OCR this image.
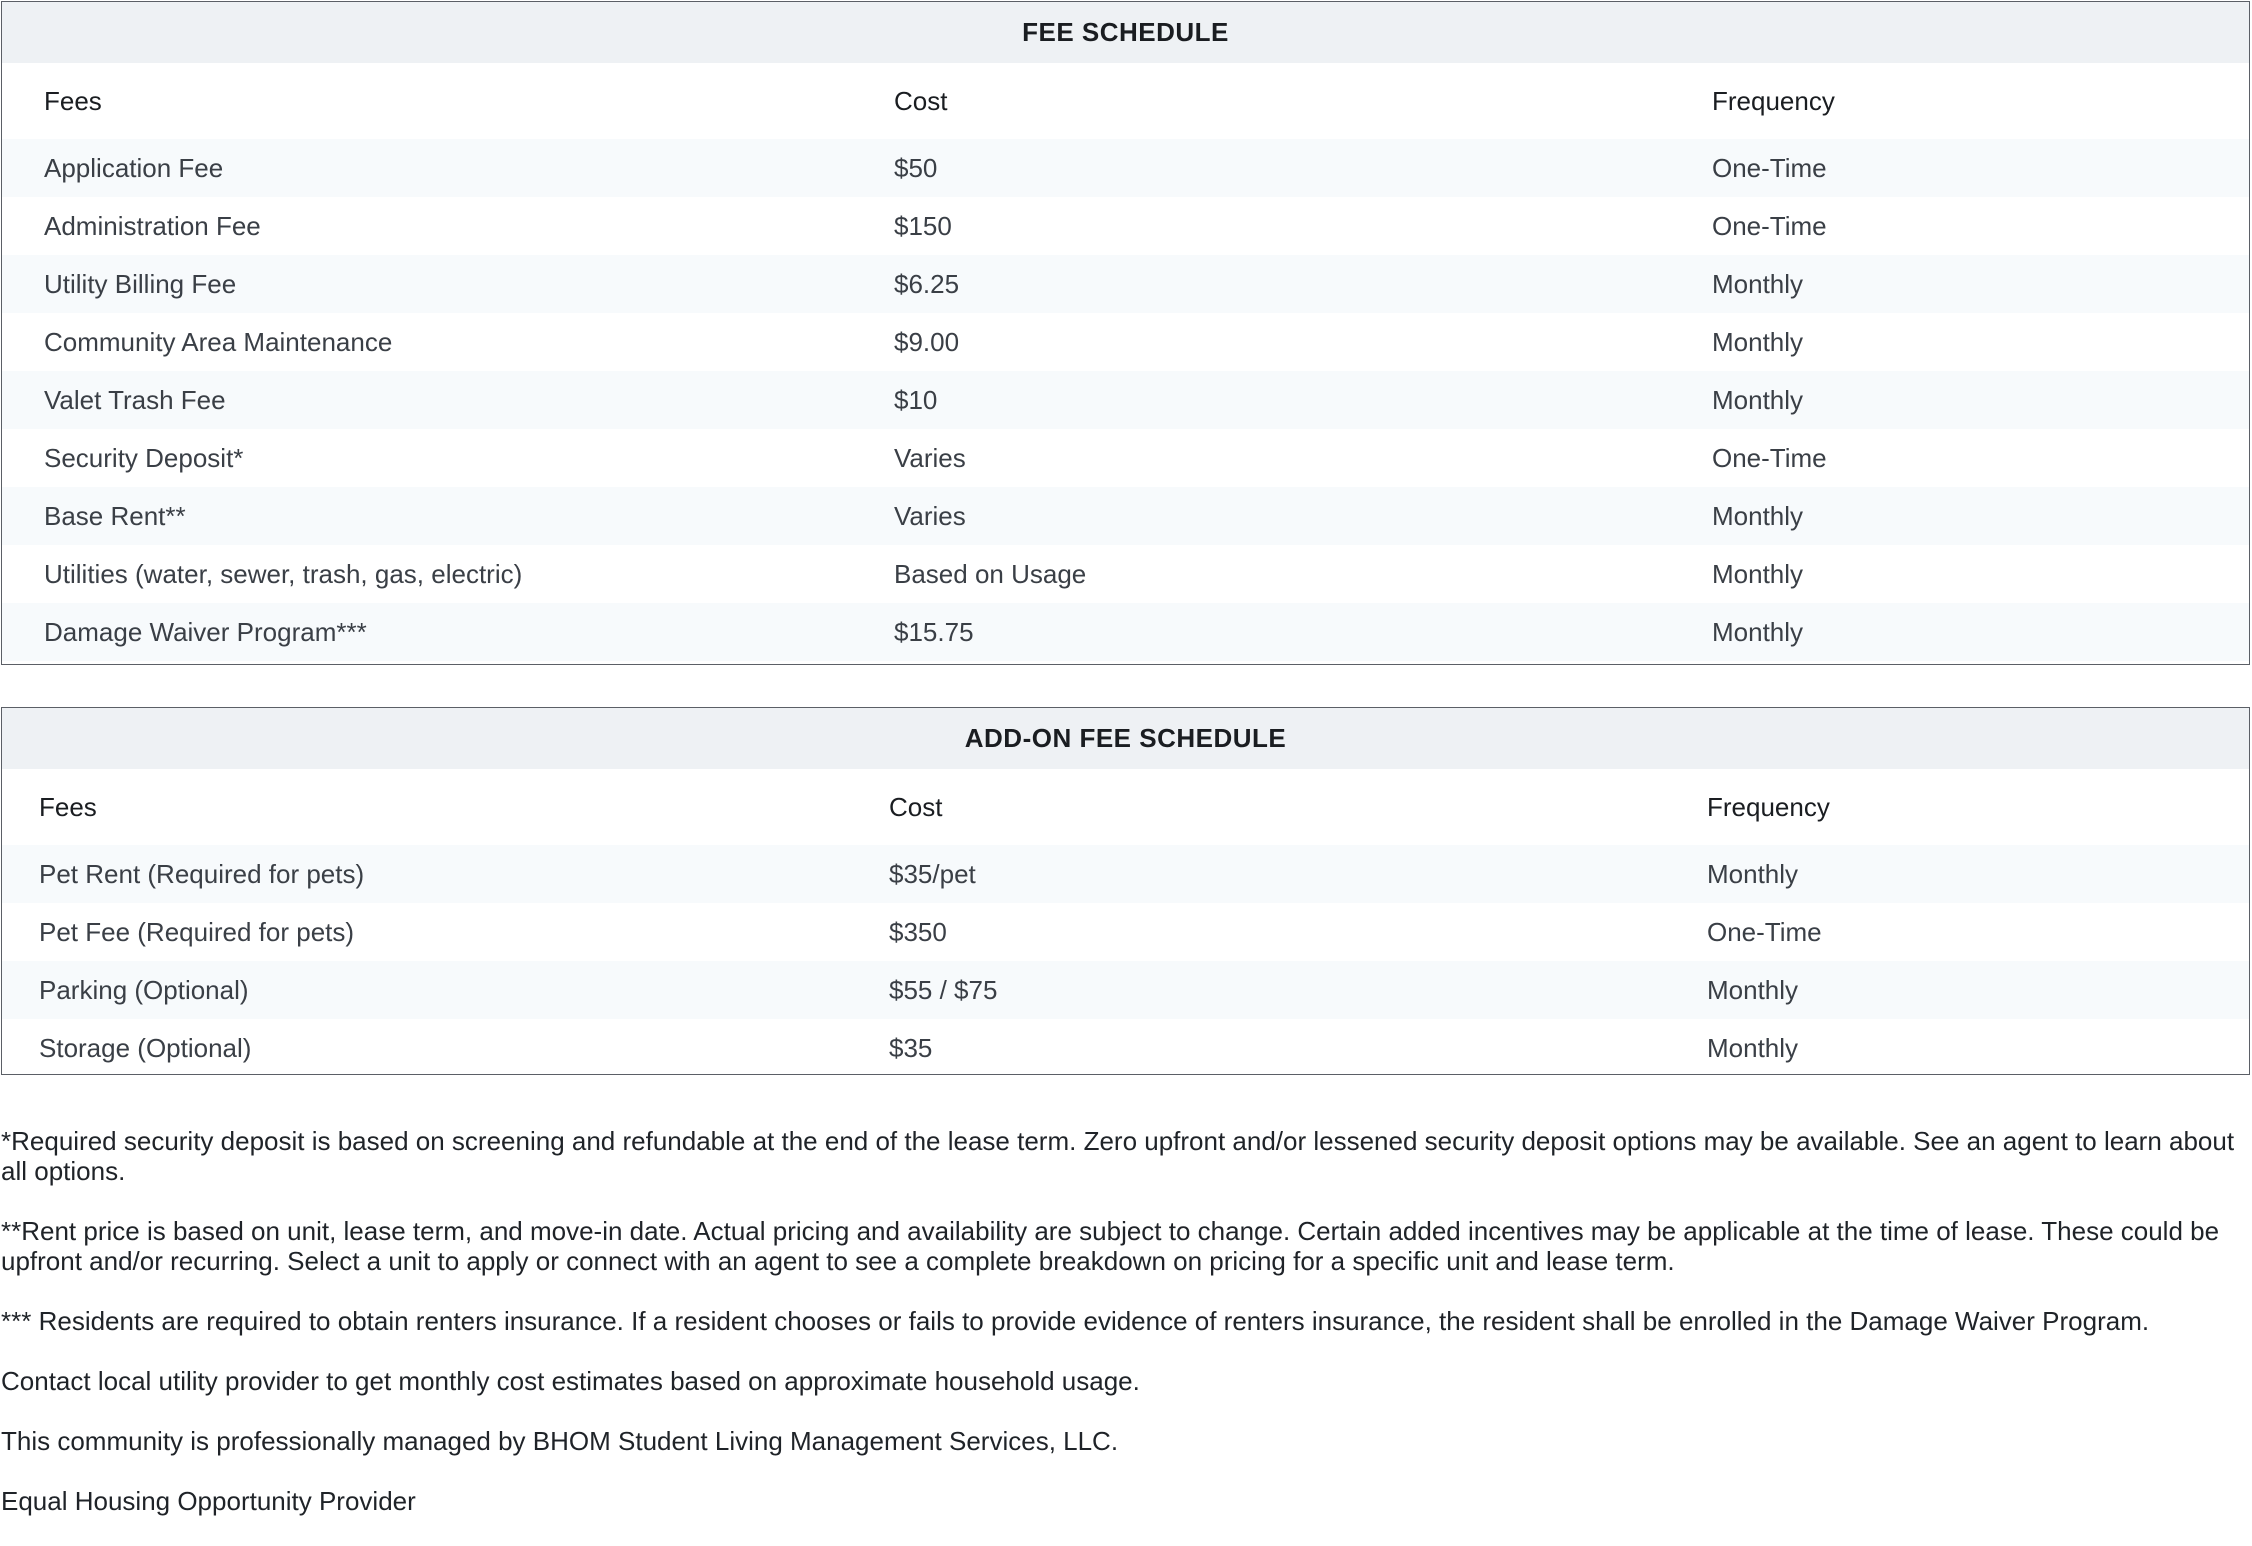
FEE SCHEDULE
Fees	Cost	Frequency
Application Fee	$50	One-Time
Administration Fee	$150	One-Time
Utility Billing Fee	$6.25	Monthly
Community Area Maintenance	$9.00	Monthly
Valet Trash Fee	$10	Monthly
Security Deposit*	Varies	One-Time
Base Rent**	Varies	Monthly
Utilities (water, sewer, trash, gas, electric)	Based on Usage	Monthly
Damage Waiver Program***	$15.75	Monthly
ADD-ON FEE SCHEDULE
Fees	Cost	Frequency
Pet Rent (Required for pets)	$35/pet	Monthly
Pet Fee (Required for pets)	$350	One-Time
Parking (Optional)	$55 / $75	Monthly
Storage (Optional)	$35	Monthly

*Required security deposit is based on screening and refundable at the end of the lease term. Zero upfront and/or lessened security deposit options may be available. See an agent to learn about all options.

**Rent price is based on unit, lease term, and move-in date. Actual pricing and availability are subject to change. Certain added incentives may be applicable at the time of lease. These could be upfront and/or recurring. Select a unit to apply or connect with an agent to see a complete breakdown on pricing for a specific unit and lease term.

*** Residents are required to obtain renters insurance. If a resident chooses or fails to provide evidence of renters insurance, the resident shall be enrolled in the Damage Waiver Program.

Contact local utility provider to get monthly cost estimates based on approximate household usage.

This community is professionally managed by BHOM Student Living Management Services, LLC.

Equal Housing Opportunity Provider
